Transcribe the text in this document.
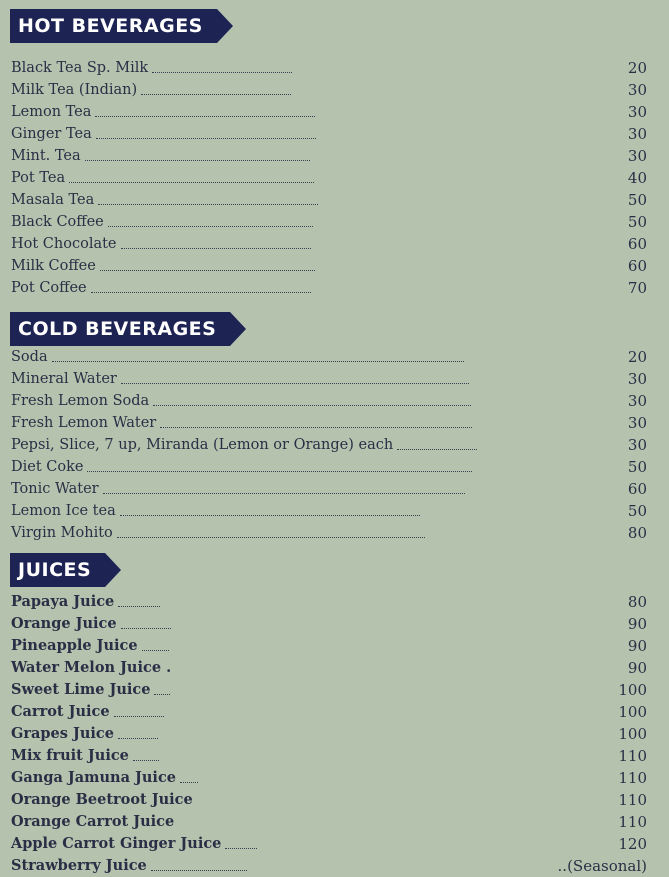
HOT BEVERAGES
Black Tea Sp. Milk	20
Milk Tea (Indian)	30
Lemon Tea	30
Ginger Tea	30
Mint. Tea	30
Pot Tea	40
Masala Tea	50
Black Coffee	50
Hot Chocolate	60
Milk Coffee	60
Pot Coffee	70
COLD BEVERAGES
Soda	20
Mineral Water	30
Fresh Lemon Soda	30
Fresh Lemon Water	30
Pepsi, Slice, 7 up, Miranda (Lemon or Orange) each	30
Diet Coke	50
Tonic Water	60
Lemon Ice tea	50
Virgin Mohito	80
JUICES
Papaya Juice	80
Orange Juice	90
Pineapple Juice	90
Water Melon Juice .	90
Sweet Lime Juice	100
Carrot Juice	100
Grapes Juice	100
Mix fruit Juice	110
Ganga Jamuna Juice	110
Orange Beetroot Juice	110
Orange Carrot Juice	110
Apple Carrot Ginger Juice	120
Strawberry Juice	..(Seasonal)
